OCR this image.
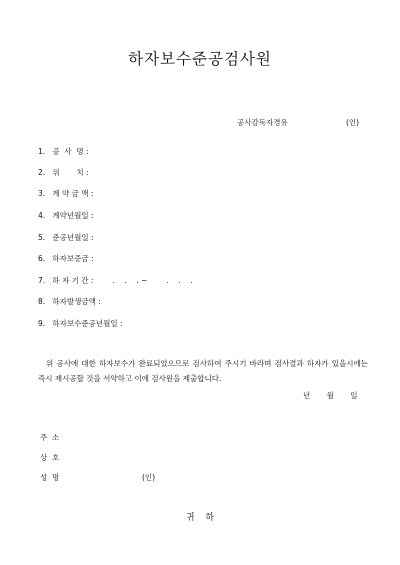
하자보수준공검사원
공사감독자경유	(인)
1. 공  사  명 :
2. 위       치 :
3. 계 약 금 액 :
4. 계약년월일 :
5. 준공년월일 :
6. 하자보증금 :
7. 하 자 기 간 :        .    .    . ~        .    .    .
8. 하자발생금액 :
9. 하자보수준공년월일 :

위 공사에 대한 하자보수가 완료되었으므로 검사하여 주시기 바라며 검사결과 하자가 있을시에는 즉시 재시공할 것을 서약하고 이에 검사원을 제출합니다.

년 월 일
주  소
상  호
성  명	(인)
귀 하
